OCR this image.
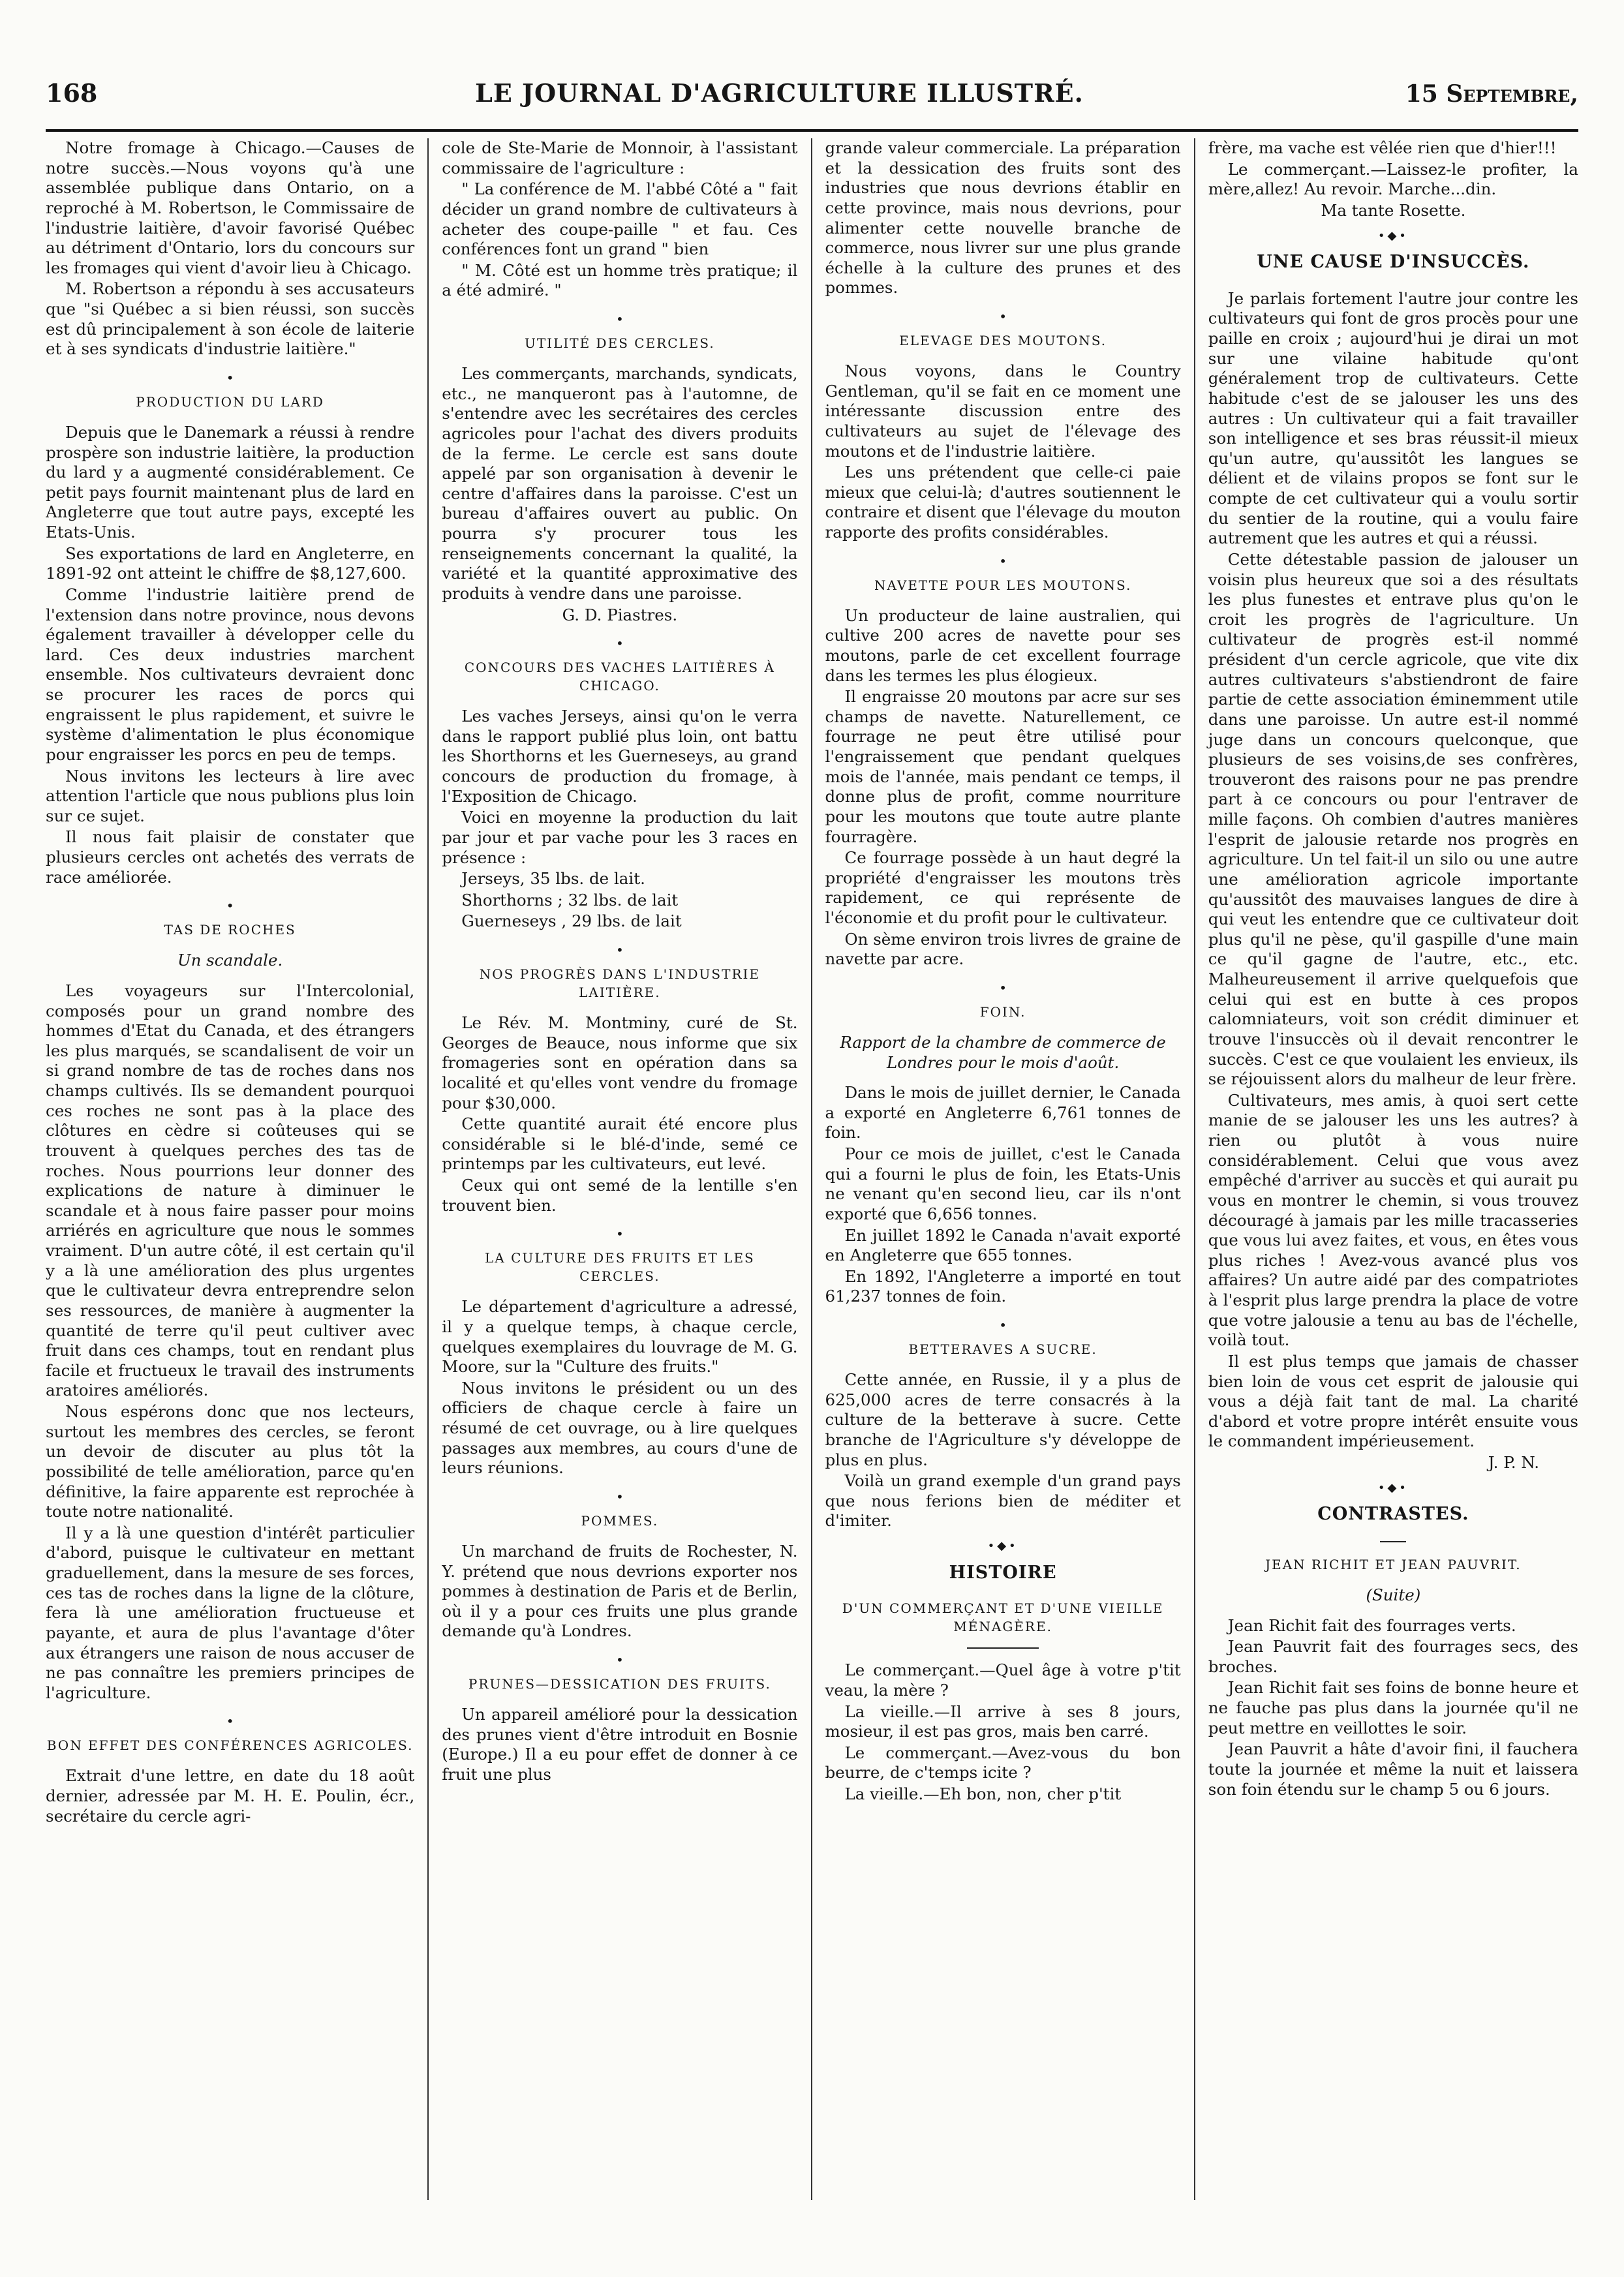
168	LE JOURNAL D'AGRICULTURE ILLUSTRÉ.	15 Septembre,

Notre fromage à Chicago.—Causes de notre succès.—Nous voyons qu'à une assemblée publique dans Ontario, on a reproché à M. Robertson, le Commissaire de l'industrie laitière, d'avoir favorisé Québec au détriment d'Ontario, lors du concours sur les fromages qui vient d'avoir lieu à Chicago.

M. Robertson a répondu à ses accusateurs que "si Québec a si bien réussi, son succès est dû principalement à son école de laiterie et à ses syndicats d'industrie laitière."

•
PRODUCTION DU LARD

Depuis que le Danemark a réussi à rendre prospère son industrie laitière, la production du lard y a augmenté considérablement. Ce petit pays fournit maintenant plus de lard en Angleterre que tout autre pays, excepté les Etats-Unis.

Ses exportations de lard en Angleterre, en 1891-92 ont atteint le chiffre de $8,127,600.

Comme l'industrie laitière prend de l'extension dans notre province, nous devons également travailler à développer celle du lard. Ces deux industries marchent ensemble. Nos cultivateurs devraient donc se procurer les races de porcs qui engraissent le plus rapidement, et suivre le système d'alimentation le plus économique pour engraisser les porcs en peu de temps.

Nous invitons les lecteurs à lire avec attention l'article que nous publions plus loin sur ce sujet.

Il nous fait plaisir de constater que plusieurs cercles ont achetés des verrats de race améliorée.

•
TAS DE ROCHES
Un scandale.

Les voyageurs sur l'Intercolonial, composés pour un grand nombre des hommes d'Etat du Canada, et des étrangers les plus marqués, se scandalisent de voir un si grand nombre de tas de roches dans nos champs cultivés. Ils se demandent pourquoi ces roches ne sont pas à la place des clôtures en cèdre si coûteuses qui se trouvent à quelques perches des tas de roches. Nous pourrions leur donner des explications de nature à diminuer le scandale et à nous faire passer pour moins arriérés en agriculture que nous le sommes vraiment. D'un autre côté, il est certain qu'il y a là une amélioration des plus urgentes que le cultivateur devra entreprendre selon ses ressources, de manière à augmenter la quantité de terre qu'il peut cultiver avec fruit dans ces champs, tout en rendant plus facile et fructueux le travail des instruments aratoires améliorés.

Nous espérons donc que nos lecteurs, surtout les membres des cercles, se feront un devoir de discuter au plus tôt la possibilité de telle amélioration, parce qu'en définitive, la faire apparente est reprochée à toute notre nationalité.

Il y a là une question d'intérêt particulier d'abord, puisque le cultivateur en mettant graduellement, dans la mesure de ses forces, ces tas de roches dans la ligne de la clôture, fera là une amélioration fructueuse et payante, et aura de plus l'avantage d'ôter aux étrangers une raison de nous accuser de ne pas connaître les premiers principes de l'agriculture.

•
BON EFFET DES CONFÉRENCES AGRICOLES.

Extrait d'une lettre, en date du 18 août dernier, adressée par M. H. E. Poulin, écr., secrétaire du cercle agri-

cole de Ste-Marie de Monnoir, à l'assistant commissaire de l'agriculture :

" La conférence de M. l'abbé Côté a " fait décider un grand nombre de cultivateurs à acheter des coupe-paille " et fau. Ces conférences font un grand " bien

" M. Côté est un homme très pratique; il a été admiré. "

•
UTILITÉ DES CERCLES.

Les commerçants, marchands, syndicats, etc., ne manqueront pas à l'automne, de s'entendre avec les secrétaires des cercles agricoles pour l'achat des divers produits de la ferme. Le cercle est sans doute appelé par son organisation à devenir le centre d'affaires dans la paroisse. C'est un bureau d'affaires ouvert au public. On pourra s'y procurer tous les renseignements concernant la qualité, la variété et la quantité approximative des produits à vendre dans une paroisse.

G. D. Piastres.

•
CONCOURS DES VACHES LAITIÈRES À CHICAGO.

Les vaches Jerseys, ainsi qu'on le verra dans le rapport publié plus loin, ont battu les Shorthorns et les Guerneseys, au grand concours de production du fromage, à l'Exposition de Chicago.

Voici en moyenne la production du lait par jour et par vache pour les 3 races en présence :

Jerseys, 35 lbs. de lait.

Shorthorns ; 32 lbs. de lait

Guerneseys , 29 lbs. de lait

•
NOS PROGRÈS DANS L'INDUSTRIE LAITIÈRE.

Le Rév. M. Montminy, curé de St. Georges de Beauce, nous informe que six fromageries sont en opération dans sa localité et qu'elles vont vendre du fromage pour $30,000.

Cette quantité aurait été encore plus considérable si le blé-d'inde, semé ce printemps par les cultivateurs, eut levé.

Ceux qui ont semé de la lentille s'en trouvent bien.

•
LA CULTURE DES FRUITS ET LES CERCLES.

Le département d'agriculture a adressé, il y a quelque temps, à chaque cercle, quelques exemplaires du louvrage de M. G. Moore, sur la "Culture des fruits."

Nous invitons le président ou un des officiers de chaque cercle à faire un résumé de cet ouvrage, ou à lire quelques passages aux membres, au cours d'une de leurs réunions.

•
POMMES.

Un marchand de fruits de Rochester, N. Y. prétend que nous devrions exporter nos pommes à destination de Paris et de Berlin, où il y a pour ces fruits une plus grande demande qu'à Londres.

•
PRUNES—DESSICATION DES FRUITS.

Un appareil amélioré pour la dessication des prunes vient d'être introduit en Bosnie (Europe.) Il a eu pour effet de donner à ce fruit une plus

grande valeur commerciale. La préparation et la dessication des fruits sont des industries que nous devrions établir en cette province, mais nous devrions, pour alimenter cette nouvelle branche de commerce, nous livrer sur une plus grande échelle à la culture des prunes et des pommes.

•
ELEVAGE DES MOUTONS.

Nous voyons, dans le Country Gentleman, qu'il se fait en ce moment une intéressante discussion entre des cultivateurs au sujet de l'élevage des moutons et de l'industrie laitière.

Les uns prétendent que celle-ci paie mieux que celui-là; d'autres soutiennent le contraire et disent que l'élevage du mouton rapporte des profits considérables.

•
NAVETTE POUR LES MOUTONS.

Un producteur de laine australien, qui cultive 200 acres de navette pour ses moutons, parle de cet excellent fourrage dans les termes les plus élogieux.

Il engraisse 20 moutons par acre sur ses champs de navette. Naturellement, ce fourrage ne peut être utilisé pour l'engraissement que pendant quelques mois de l'année, mais pendant ce temps, il donne plus de profit, comme nourriture pour les moutons que toute autre plante fourragère.

Ce fourrage possède à un haut degré la propriété d'engraisser les moutons très rapidement, ce qui représente de l'économie et du profit pour le cultivateur.

On sème environ trois livres de graine de navette par acre.

•
FOIN.
Rapport de la chambre de commerce de Londres pour le mois d'août.

Dans le mois de juillet dernier, le Canada a exporté en Angleterre 6,761 tonnes de foin.

Pour ce mois de juillet, c'est le Canada qui a fourni le plus de foin, les Etats-Unis ne venant qu'en second lieu, car ils n'ont exporté que 6,656 tonnes.

En juillet 1892 le Canada n'avait exporté en Angleterre que 655 tonnes.

En 1892, l'Angleterre a importé en tout 61,237 tonnes de foin.

•
BETTERAVES A SUCRE.

Cette année, en Russie, il y a plus de 625,000 acres de terre consacrés à la culture de la betterave à sucre. Cette branche de l'Agriculture s'y développe de plus en plus.

Voilà un grand exemple d'un grand pays que nous ferions bien de méditer et d'imiter.

•◆•
HISTOIRE
D'UN COMMERÇANT ET D'UNE VIEILLE MÉNAGÈRE.

Le commerçant.—Quel âge à votre p'tit veau, la mère ?

La vieille.—Il arrive à ses 8 jours, mosieur, il est pas gros, mais ben carré.

Le commerçant.—Avez-vous du bon beurre, de c'temps icite ?

La vieille.—Eh bon, non, cher p'tit

frère, ma vache est vêlée rien que d'hier!!!

Le commerçant.—Laissez-le profiter, la mère,allez! Au revoir. Marche...din.

Ma tante Rosette.

•◆•
UNE CAUSE D'INSUCCÈS.

Je parlais fortement l'autre jour contre les cultivateurs qui font de gros procès pour une paille en croix ; aujourd'hui je dirai un mot sur une vilaine habitude qu'ont généralement trop de cultivateurs. Cette habitude c'est de se jalouser les uns des autres : Un cultivateur qui a fait travailler son intelligence et ses bras réussit-il mieux qu'un autre, qu'aussitôt les langues se délient et de vilains propos se font sur le compte de cet cultivateur qui a voulu sortir du sentier de la routine, qui a voulu faire autrement que les autres et qui a réussi.

Cette détestable passion de jalouser un voisin plus heureux que soi a des résultats les plus funestes et entrave plus qu'on le croit les progrès de l'agriculture. Un cultivateur de progrès est-il nommé président d'un cercle agricole, que vite dix autres cultivateurs s'abstiendront de faire partie de cette association éminemment utile dans une paroisse. Un autre est-il nommé juge dans un concours quelconque, que plusieurs de ses voisins,de ses confrères, trouveront des raisons pour ne pas prendre part à ce concours ou pour l'entraver de mille façons. Oh combien d'autres manières l'esprit de jalousie retarde nos progrès en agriculture. Un tel fait-il un silo ou une autre une amélioration agricole importante qu'aussitôt des mauvaises langues de dire à qui veut les entendre que ce cultivateur doit plus qu'il ne pèse, qu'il gaspille d'une main ce qu'il gagne de l'autre, etc., etc. Malheureusement il arrive quelquefois que celui qui est en butte à ces propos calomniateurs, voit son crédit diminuer et trouve l'insuccès où il devait rencontrer le succès. C'est ce que voulaient les envieux, ils se réjouissent alors du malheur de leur frère.

Cultivateurs, mes amis, à quoi sert cette manie de se jalouser les uns les autres? à rien ou plutôt à vous nuire considérablement. Celui que vous avez empêché d'arriver au succès et qui aurait pu vous en montrer le chemin, si vous trouvez découragé à jamais par les mille tracasseries que vous lui avez faites, et vous, en êtes vous plus riches ! Avez-vous avancé plus vos affaires? Un autre aidé par des compatriotes à l'esprit plus large prendra la place de votre que votre jalousie a tenu au bas de l'échelle, voilà tout.

Il est plus temps que jamais de chasser bien loin de vous cet esprit de jalousie qui vous a déjà fait tant de mal. La charité d'abord et votre propre intérêt ensuite vous le commandent impérieusement.

J. P. N.

•◆•
CONTRASTES.
JEAN RICHIT ET JEAN PAUVRIT.
(Suite)

Jean Richit fait des fourrages verts.

Jean Pauvrit fait des fourrages secs, des broches.

Jean Richit fait ses foins de bonne heure et ne fauche pas plus dans la journée qu'il ne peut mettre en veillottes le soir.

Jean Pauvrit a hâte d'avoir fini, il fauchera toute la journée et même la nuit et laissera son foin étendu sur le champ 5 ou 6 jours.
